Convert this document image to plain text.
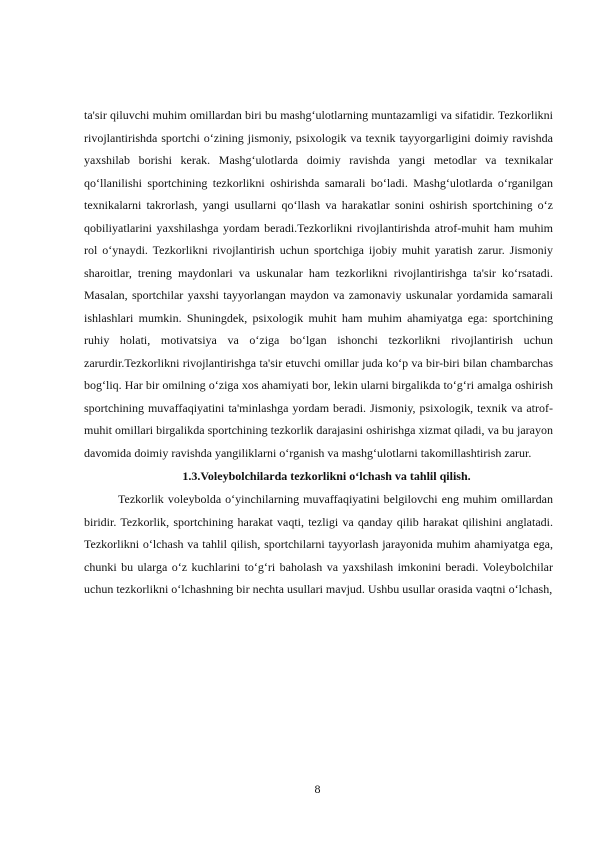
ta'sir qiluvchi muhim omillardan biri bu mashg‘ulotlarning muntazamligi va sifatidir. Tezkorlikni rivojlantirishda sportchi o‘zining jismoniy, psixologik va texnik tayyorgarligini doimiy ravishda yaxshilab borishi kerak. Mashg‘ulotlarda doimiy ravishda yangi metodlar va texnikalar qo‘llanilishi sportchining tezkorlikni oshirishda samarali bo‘ladi. Mashg‘ulotlarda o‘rganilgan texnikalarni takrorlash, yangi usullarni qo‘llash va harakatlar sonini oshirish sportchining o‘z qobiliyatlarini yaxshilashga yordam beradi.Tezkorlikni rivojlantirishda atrof-muhit ham muhim rol o‘ynaydi. Tezkorlikni rivojlantirish uchun sportchiga ijobiy muhit yaratish zarur. Jismoniy sharoitlar, trening maydonlari va uskunalar ham tezkorlikni rivojlantirishga ta'sir ko‘rsatadi. Masalan, sportchilar yaxshi tayyorlangan maydon va zamonaviy uskunalar yordamida samarali ishlashlari mumkin. Shuningdek, psixologik muhit ham muhim ahamiyatga ega: sportchining ruhiy holati, motivatsiya va o‘ziga bo‘lgan ishonchi tezkorlikni rivojlantirish uchun zarurdir.Tezkorlikni rivojlantirishga ta'sir etuvchi omillar juda ko‘p va bir-biri bilan chambarchas bog‘liq. Har bir omilning o‘ziga xos ahamiyati bor, lekin ularni birgalikda to‘g‘ri amalga oshirish sportchining muvaffaqiyatini ta'minlashga yordam beradi. Jismoniy, psixologik, texnik va atrof-muhit omillari birgalikda sportchining tezkorlik darajasini oshirishga xizmat qiladi, va bu jarayon davomida doimiy ravishda yangiliklarni o‘rganish va mashg‘ulotlarni takomillashtirish zarur.

1.3.Voleybolchilarda tezkorlikni o‘lchash va tahlil qilish.

Tezkorlik voleybolda o‘yinchilarning muvaffaqiyatini belgilovchi eng muhim omillardan biridir. Tezkorlik, sportchining harakat vaqti, tezligi va qanday qilib harakat qilishini anglatadi. Tezkorlikni o‘lchash va tahlil qilish, sportchilarni tayyorlash jarayonida muhim ahamiyatga ega, chunki bu ularga o‘z kuchlarini to‘g‘ri baholash va yaxshilash imkonini beradi. Voleybolchilar uchun tezkorlikni o‘lchashning bir nechta usullari mavjud. Ushbu usullar orasida vaqtni o‘lchash,

8
